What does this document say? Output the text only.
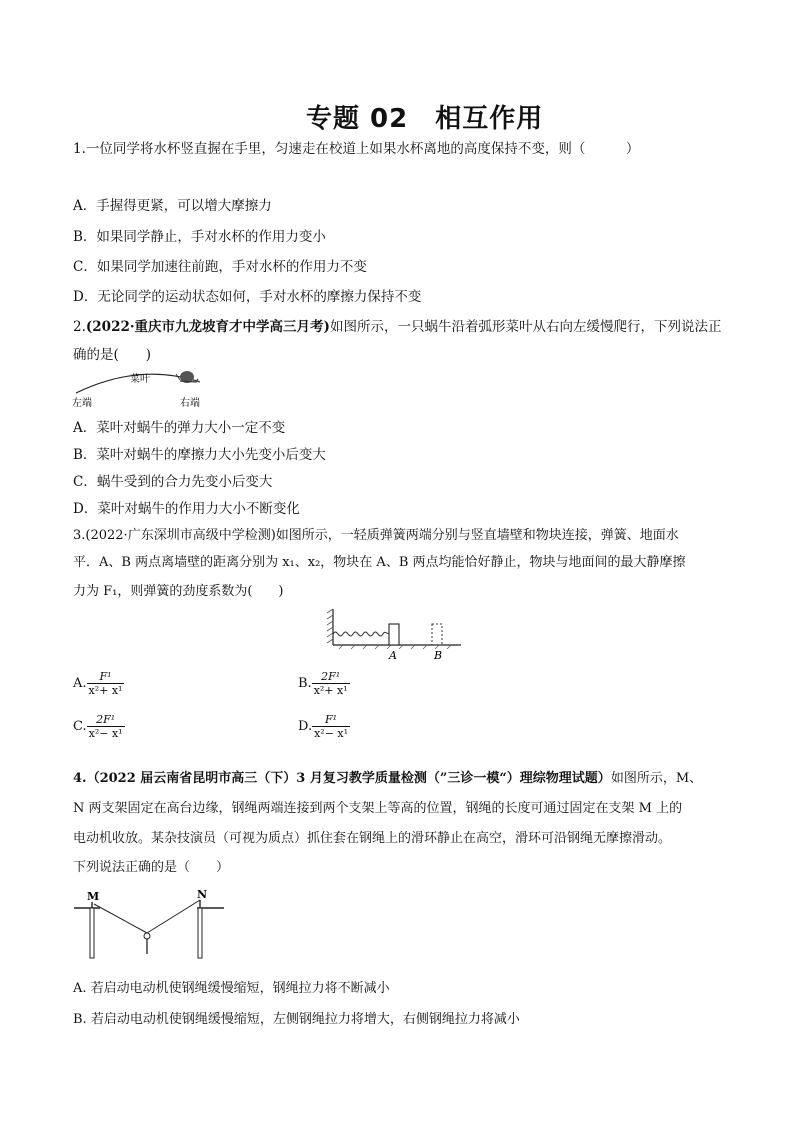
专题 02　相互作用
1.一位同学将水杯竖直握在手里，匀速走在校道上如果水杯离地的高度保持不变，则（　　　）
A．手握得更紧，可以增大摩擦力
B．如果同学静止，手对水杯的作用力变小
C．如果同学加速往前跑，手对水杯的作用力不变
D．无论同学的运动状态如何，手对水杯的摩擦力保持不变
2.(2022·重庆市九龙坡育才中学高三月考)如图所示，一只蜗牛沿着弧形菜叶从右向左缓慢爬行，下列说法正
确的是(　　)
菜叶
左端	右端
A．菜叶对蜗牛的弹力大小一定不变
B．菜叶对蜗牛的摩擦力大小先变小后变大
C．蜗牛受到的合力先变小后变大
D．菜叶对蜗牛的作用力大小不断变化
3.(2022·广东深圳市高级中学检测)如图所示，一轻质弹簧两端分别与竖直墙壁和物块连接，弹簧、地面水
平．A、B 两点离墙壁的距离分别为 x₁、x₂，物块在 A、B 两点均能恰好静止，物块与地面间的最大静摩擦
力为 F₁，则弹簧的劲度系数为(　　)
A	B
A. $\frac{\text{F¹}}{\text{x²+ x¹}}$	B. $\frac{\text{2F¹}}{\text{x²+ x¹}}$
C. $\frac{\text{2F¹}}{\text{x²− x¹}}$	D. $\frac{\text{F¹}}{\text{x²− x¹}}$
4.（2022 届云南省昆明市高三（下）3 月复习教学质量检测（”三诊一模“）理综物理试题）如图所示，M、
N 两支架固定在高台边缘，钢绳两端连接到两个支架上等高的位置，钢绳的长度可通过固定在支架 M 上的
电动机收放。某杂技演员（可视为质点）抓住套在钢绳上的滑环静止在高空，滑环可沿钢绳无摩擦滑动。
下列说法正确的是（　　）
M	N
A. 若启动电动机使钢绳缓慢缩短，钢绳拉力将不断减小
B. 若启动电动机使钢绳缓慢缩短，左侧钢绳拉力将增大，右侧钢绳拉力将减小
